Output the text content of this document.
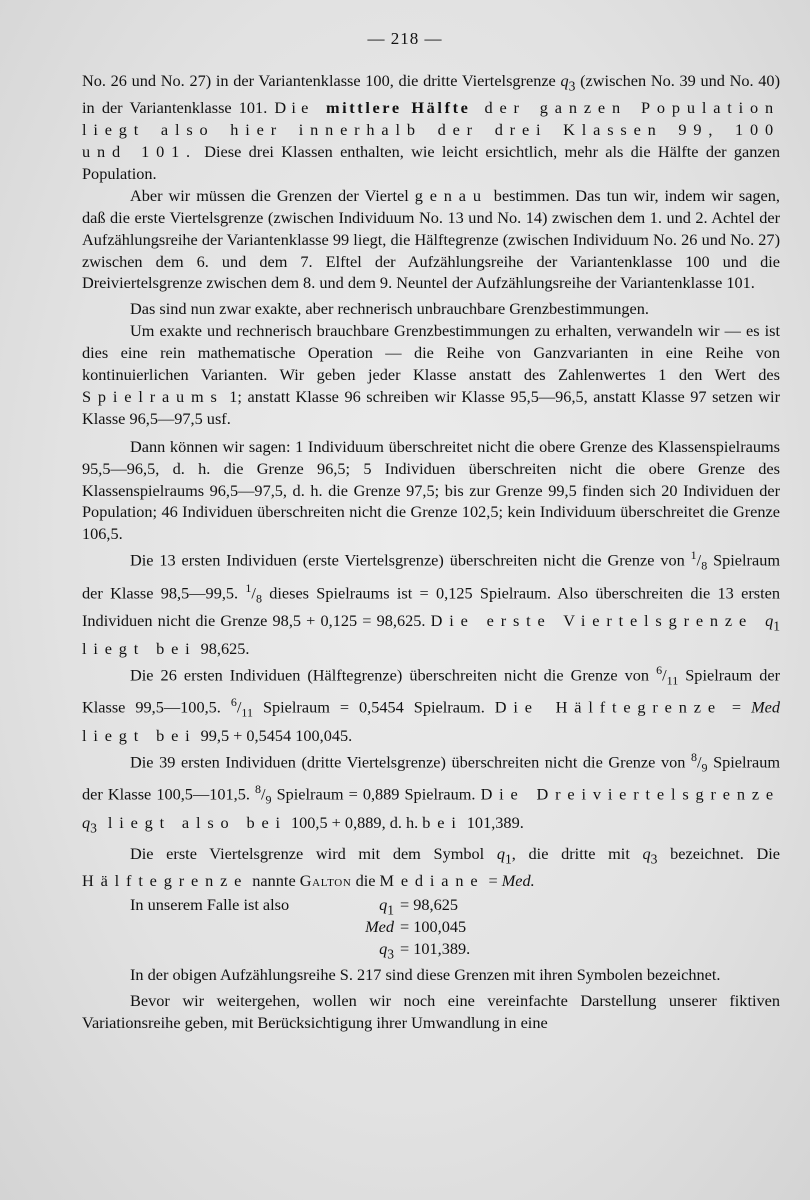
— 218 —

No. 26 und No. 27) in der Variantenklasse 100, die dritte Viertelsgrenze $q_3$ (zwischen No. 39 und No. 40) in der Variantenklasse 101. Die mittlere Hälfte der ganzen Population liegt also hier innerhalb der drei Klassen 99, 100 und 101. Diese drei Klassen enthalten, wie leicht ersichtlich, mehr als die Hälfte der ganzen Population.

Aber wir müssen die Grenzen der Viertel genau bestimmen. Das tun wir, indem wir sagen, daß die erste Viertelsgrenze (zwischen Individuum No. 13 und No. 14) zwischen dem 1. und 2. Achtel der Aufzählungsreihe der Variantenklasse 99 liegt, die Hälftegrenze (zwischen Individuum No. 26 und No. 27) zwischen dem 6. und dem 7. Elftel der Aufzählungsreihe der Variantenklasse 100 und die Dreiviertelsgrenze zwischen dem 8. und dem 9. Neuntel der Aufzählungsreihe der Variantenklasse 101.

Das sind nun zwar exakte, aber rechnerisch unbrauchbare Grenzbestimmungen.

Um exakte und rechnerisch brauchbare Grenzbestimmungen zu erhalten, verwandeln wir — es ist dies eine rein mathematische Operation — die Reihe von Ganzvarianten in eine Reihe von kontinuierlichen Varianten. Wir geben jeder Klasse anstatt des Zahlenwertes 1 den Wert des Spielraums 1; anstatt Klasse 96 schreiben wir Klasse 95,5—96,5, anstatt Klasse 97 setzen wir Klasse 96,5—97,5 usf.

Dann können wir sagen: 1 Individuum überschreitet nicht die obere Grenze des Klassenspielraums 95,5—96,5, d. h. die Grenze 96,5; 5 Individuen überschreiten nicht die obere Grenze des Klassenspielraums 96,5—97,5, d. h. die Grenze 97,5; bis zur Grenze 99,5 finden sich 20 Individuen der Population; 46 Individuen überschreiten nicht die Grenze 102,5; kein Individuum überschreitet die Grenze 106,5.

Die 13 ersten Individuen (erste Viertelsgrenze) überschreiten nicht die Grenze von $^1/_8$ Spielraum der Klasse 98,5—99,5. $^1/_8$ dieses Spielraums ist = 0,125 Spielraum. Also überschreiten die 13 ersten Individuen nicht die Grenze 98,5 + 0,125 = 98,625. Die erste Viertelsgrenze $q_1$ liegt bei 98,625.

Die 26 ersten Individuen (Hälftegrenze) überschreiten nicht die Grenze von $^6/_{11}$ Spielraum der Klasse 99,5—100,5. $^6/_{11}$ Spielraum = 0,5454 Spielraum. Die Hälftegrenze = Med liegt bei 99,5 + 0,5454 100,045.

Die 39 ersten Individuen (dritte Viertelsgrenze) überschreiten nicht die Grenze von $^8/_9$ Spielraum der Klasse 100,5—101,5. $^8/_9$ Spielraum = 0,889 Spielraum. Die Dreiviertelsgrenze $q_3$ liegt also bei 100,5 + 0,889, d. h. bei 101,389.

Die erste Viertelsgrenze wird mit dem Symbol $q_1$, die dritte mit $q_3$ bezeichnet. Die Hälftegrenze nannte Galton die Mediane = Med.

In unserem Falle ist also	$q_1 = 98,625$
Med = 100,045
$q_3 = 101,389$.

In der obigen Aufzählungsreihe S. 217 sind diese Grenzen mit ihren Symbolen bezeichnet.

Bevor wir weitergehen, wollen wir noch eine vereinfachte Darstellung unserer fiktiven Variationsreihe geben, mit Berücksichtigung ihrer Umwandlung in eine
